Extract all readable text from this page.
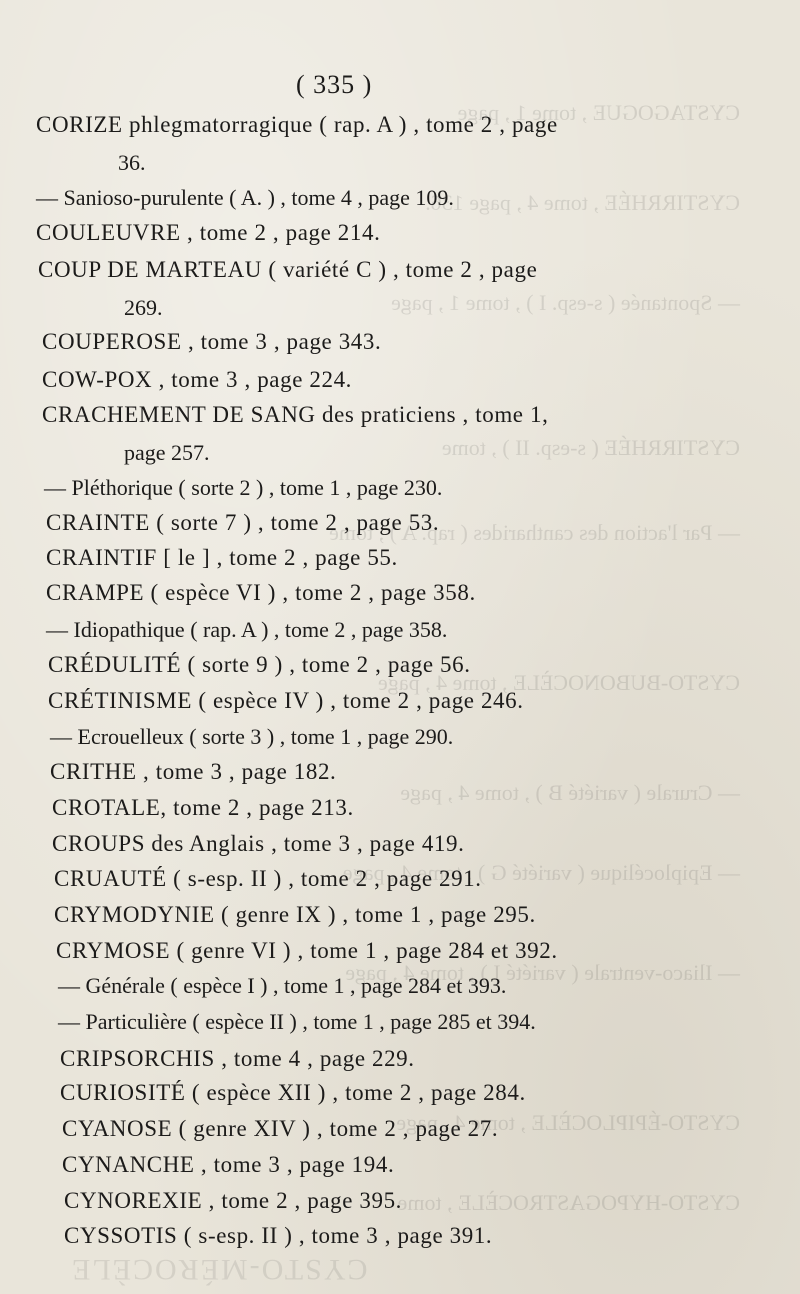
CYSTAGOGUE , tome 1 , page
CYSTIRRHÉE , tome 4 , page 136.
— Spontanée ( s-esp. I ) , tome 1 , page
CYSTIRRHÉE ( s-esp. II ) , tome
— Par l'action des cantharides ( rap. A ) , tome
CYSTO-BUBONOCÈLE , tome 4 , page
— Crurale ( variété B ) , tome 4 , page
— Epiplocélique ( variété G ) , tome 4 , page
— Iliaco-ventrale ( variété I ) , tome 4 , page
CYSTO-ÉPIPLOCÈLE , tome 4 , page
CYSTO-HYPOGASTROCÈLE , tome
( 335 )
CORIZE phlegmatorragique ( rap. A ) , tome 2 , page
36.
— Sanioso-purulente ( A. ) , tome 4 , page 109.
COULEUVRE , tome 2 , page 214.
COUP DE MARTEAU ( variété C ) , tome 2 , page
269.
COUPEROSE , tome 3 , page 343.
COW-POX , tome 3 , page 224.
CRACHEMENT DE SANG des praticiens , tome 1,
page 257.
— Pléthorique ( sorte 2 ) , tome 1 , page 230.
CRAINTE ( sorte 7 ) , tome 2 , page 53.
CRAINTIF [ le ] , tome 2 , page 55.
CRAMPE ( espèce VI ) , tome 2 , page 358.
— Idiopathique ( rap. A ) , tome 2 , page 358.
CRÉDULITÉ ( sorte 9 ) , tome 2 , page 56.
CRÉTINISME ( espèce IV ) , tome 2 , page 246.
— Ecrouelleux ( sorte 3 ) , tome 1 , page 290.
CRITHE , tome 3 , page 182.
CROTALE, tome 2 , page 213.
CROUPS des Anglais , tome 3 , page 419.
CRUAUTÉ ( s-esp. II ) , tome 2 , page 291.
CRYMODYNIE ( genre IX ) , tome 1 , page 295.
CRYMOSE ( genre VI ) , tome 1 , page 284 et 392.
— Générale ( espèce I ) , tome 1 , page 284 et 393.
— Particulière ( espèce II ) , tome 1 , page 285 et 394.
CRIPSORCHIS , tome 4 , page 229.
CURIOSITÉ ( espèce XII ) , tome 2 , page 284.
CYANOSE ( genre XIV ) , tome 2 , page 27.
CYNANCHE , tome 3 , page 194.
CYNOREXIE , tome 2 , page 395.
CYSSOTIS ( s-esp. II ) , tome 3 , page 391.
CYSTO-MÉROCÈLE
